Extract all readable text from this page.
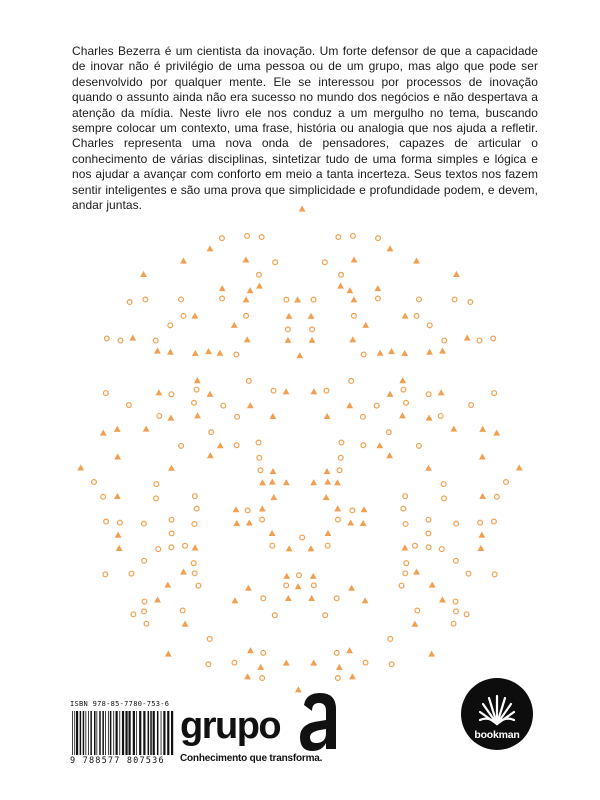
Charles Bezerra é um cientista da inovação. Um forte defensor de que a capacidade de inovar não é privilégio de uma pessoa ou de um grupo, mas algo que pode ser desenvolvido por qualquer mente. Ele se interessou por processos de inovação quando o assunto ainda não era sucesso no mundo dos negócios e não despertava a atenção da mídia. Neste livro ele nos conduz a um mergulho no tema, buscando sempre colocar um contexto, uma frase, história ou analogia que nos ajuda a refletir. Charles representa uma nova onda de pensadores, capazes de articular o conhecimento de várias disciplinas, sintetizar tudo de uma forma simples e lógica e nos ajudar a avançar com conforto em meio a tanta incerteza. Seus textos nos fazem sentir inteligentes e são uma prova que simplicidade e profundidade podem, e devem, andar juntas.

ISBN 978-85-7780-753-6
9 788577 807536
grupo
Conhecimento que transforma.
bookman
